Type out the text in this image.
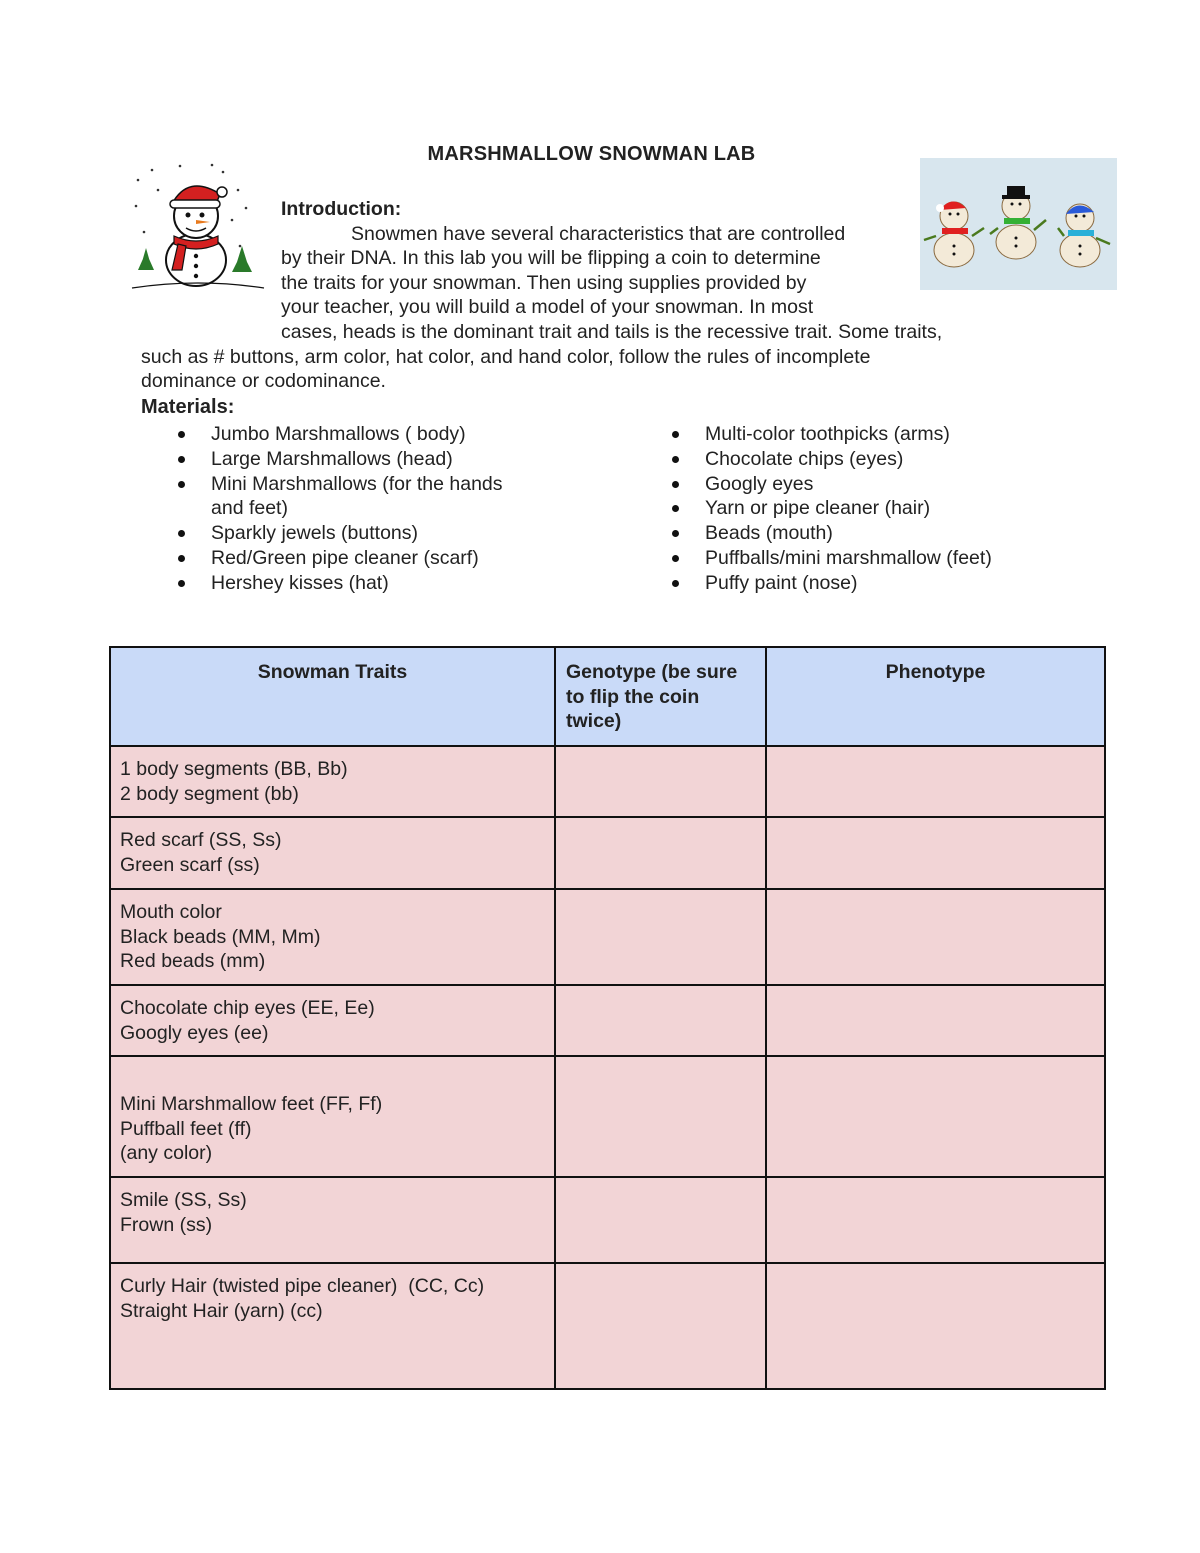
MARSHMALLOW SNOWMAN LAB
Introduction:
Snowmen have several characteristics that are controlled
by their DNA. In this lab you will be flipping a coin to determine
the traits for your snowman. Then using supplies provided by
your teacher, you will build a model of your snowman. In most
cases, heads is the dominant trait and tails is the recessive trait. Some traits,
such as # buttons, arm color, hat color, and hand color, follow the rules of incomplete
dominance or codominance.
Materials:
Jumbo Marshmallows ( body)
Large Marshmallows (head)
Mini Marshmallows (for the hands and feet)
Sparkly jewels (buttons)
Red/Green pipe cleaner (scarf)
Hershey kisses (hat)
Multi-color toothpicks (arms)
Chocolate chips (eyes)
Googly eyes
Yarn or pipe cleaner (hair)
Beads (mouth)
Puffballs/mini marshmallow (feet)
Puffy paint (nose)
Snowman Traits	Genotype (be sure to flip the coin twice)	Phenotype

1 body segments (BB, Bb)
2 body segment (bb)		

Red scarf (SS, Ss)
Green scarf (ss)		

Mouth color
Black beads (MM, Mm)
Red beads (mm)		

Chocolate chip eyes (EE, Ee)
Googly eyes (ee)		

Mini Marshmallow feet (FF, Ff)
Puffball feet (ff)
(any color)		

Smile (SS, Ss)
Frown (ss)		

Curly Hair (twisted pipe cleaner)  (CC, Cc)
Straight Hair (yarn) (cc)		
